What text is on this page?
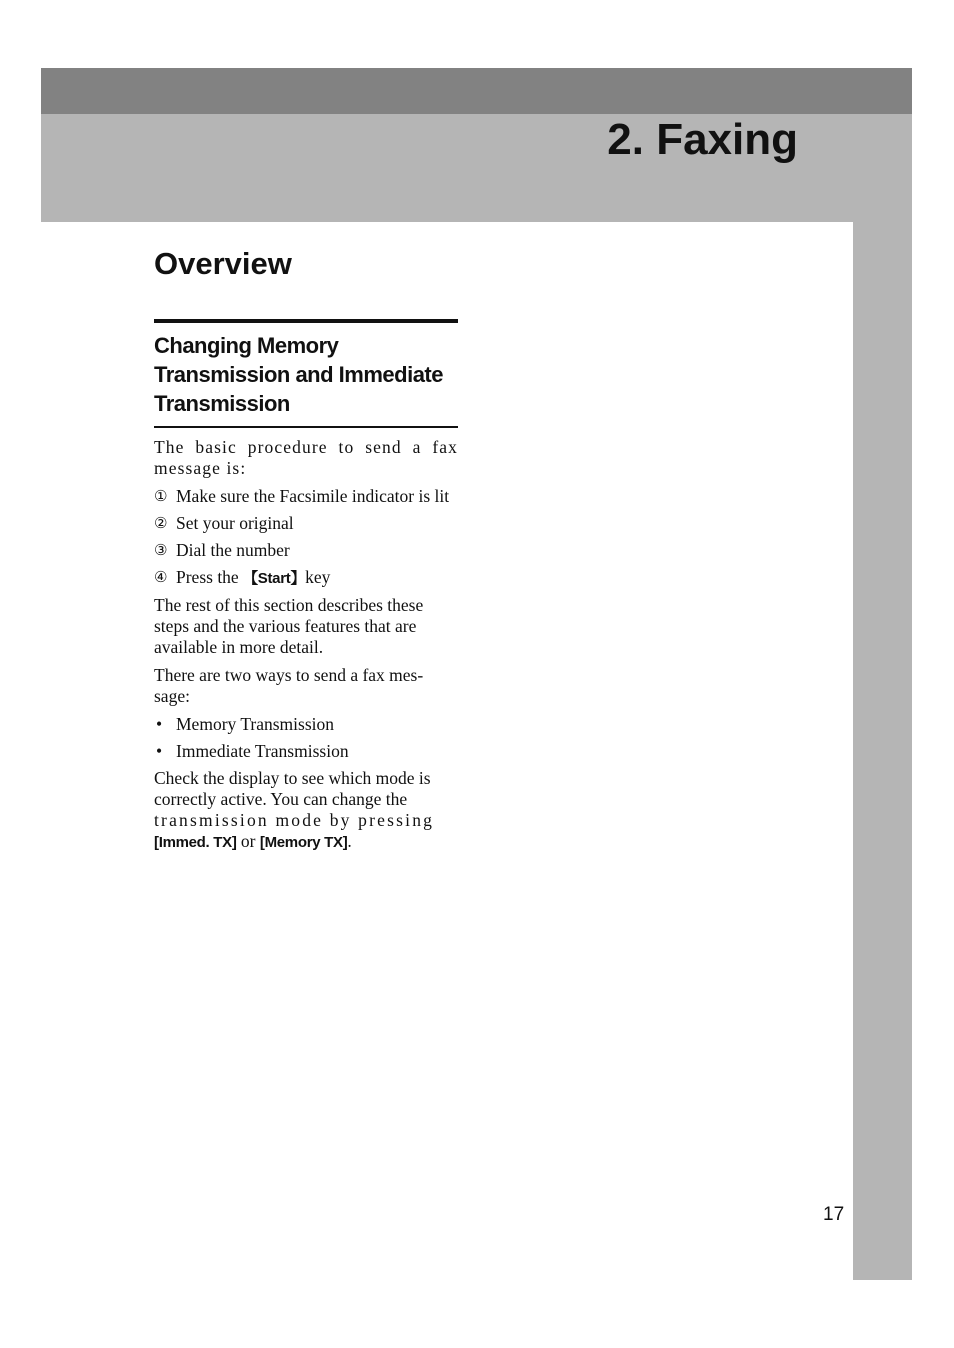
2. Faxing
Overview
Changing Memory
Transmission and Immediate
Transmission

The basic procedure to send a fax message is:

① Make sure the Facsimile indicator is lit
② Set your original
③ Dial the number
④ Press the 【Start】key

The rest of this section describes these steps and the various features that are available in more detail.

There are two ways to send a fax mes-
sage:

• Memory Transmission
• Immediate Transmission

Check the display to see which mode is correctly active. You can change the transmission mode by pressing
[Immed. TX] or [Memory TX].

17
